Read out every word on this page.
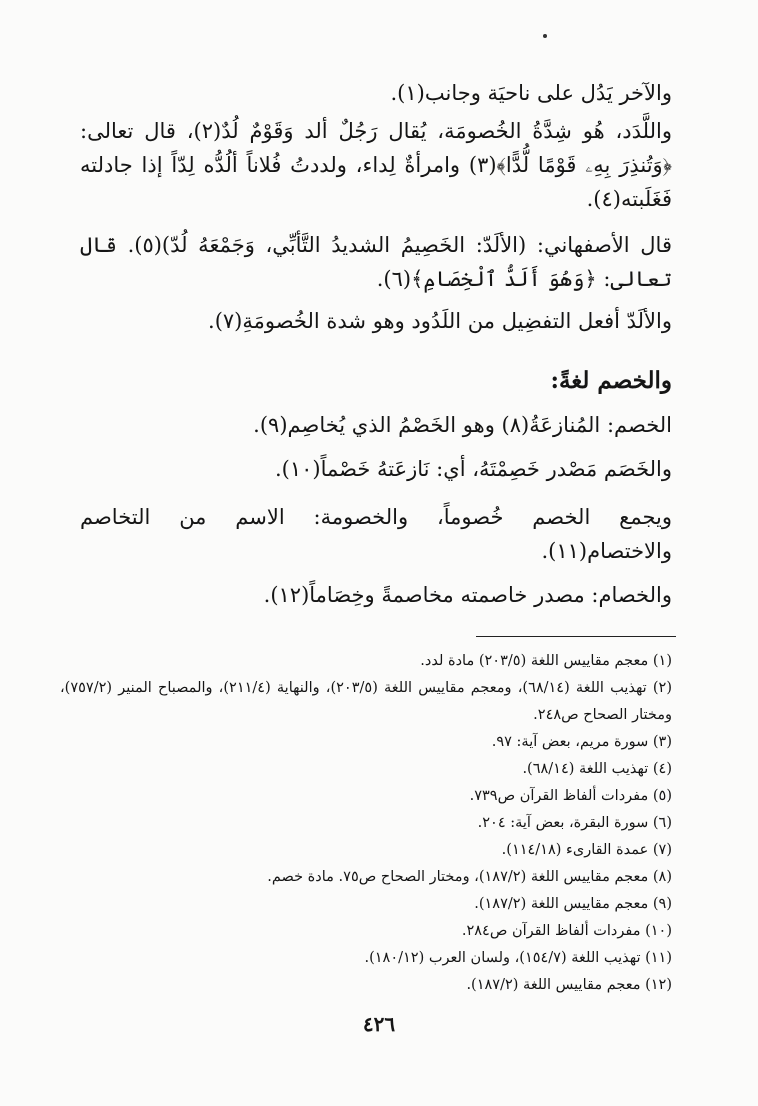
والآخر يَدُل على ناحيَة وجانب(١).
واللَّدَد، هُو شِدَّةُ الخُصومَة، يُقال رَجُلٌ ألد وَقَوْمٌ لُدٌ(٢)، قال تعالى: ﴿وَتُنذِرَ بِهِۦ قَوْمًا لُّدًّا﴾(٣) وامرأةٌ لِداء، ولددتُ فُلاناً ألُدُّه لِدّاً إذا جادلته فَغَلَبته(٤).
قال الأصفهاني: (الألَدّ: الخَصِيمُ الشديدُ التَّأبِّي، وَجَمْعَهُ لُدّ)(٥). قال تعالى: ﴿وَهُوَ أَلَدُّ ٱلْخِصَامِ﴾(٦).
والألَدّ أفعل التفضِيل من اللَدُود وهو شدة الخُصومَةِ(٧).
والخصم لغةً:
الخصم: المُنازعَةُ(٨) وهو الخَصْمُ الذي يُخاصِم(٩).
والخَصَم مَصْدر خَصِمْتَهُ، أي: نَازعَتهُ خَصْماً(١٠).
ويجمع الخصم خُصوماً، والخصومة: الاسم من التخاصم والاختصام(١١).
والخصام: مصدر خاصمته مخاصمةً وخِصَاماً(١٢).
(١) معجم مقاييس اللغة (٢٠٣/٥) مادة لدد.
(٢) تهذيب اللغة (٦٨/١٤)، ومعجم مقاييس اللغة (٢٠٣/٥)، والنهاية (٢١١/٤)، والمصباح المنير (٧٥٧/٢)، ومختار الصحاح ص٢٤٨.
(٣) سورة مريم، بعض آية: ٩٧.
(٤) تهذيب اللغة (٦٨/١٤).
(٥) مفردات ألفاظ القرآن ص٧٣٩.
(٦) سورة البقرة، بعض آية: ٢٠٤.
(٧) عمدة القارىء (١١٤/١٨).
(٨) معجم مقاييس اللغة (١٨٧/٢)، ومختار الصحاح ص٧٥. مادة خصم.
(٩) معجم مقاييس اللغة (١٨٧/٢).
(١٠) مفردات ألفاظ القرآن ص٢٨٤.
(١١) تهذيب اللغة (١٥٤/٧)، ولسان العرب (١٨٠/١٢).
(١٢) معجم مقاييس اللغة (١٨٧/٢).
٤٢٦
